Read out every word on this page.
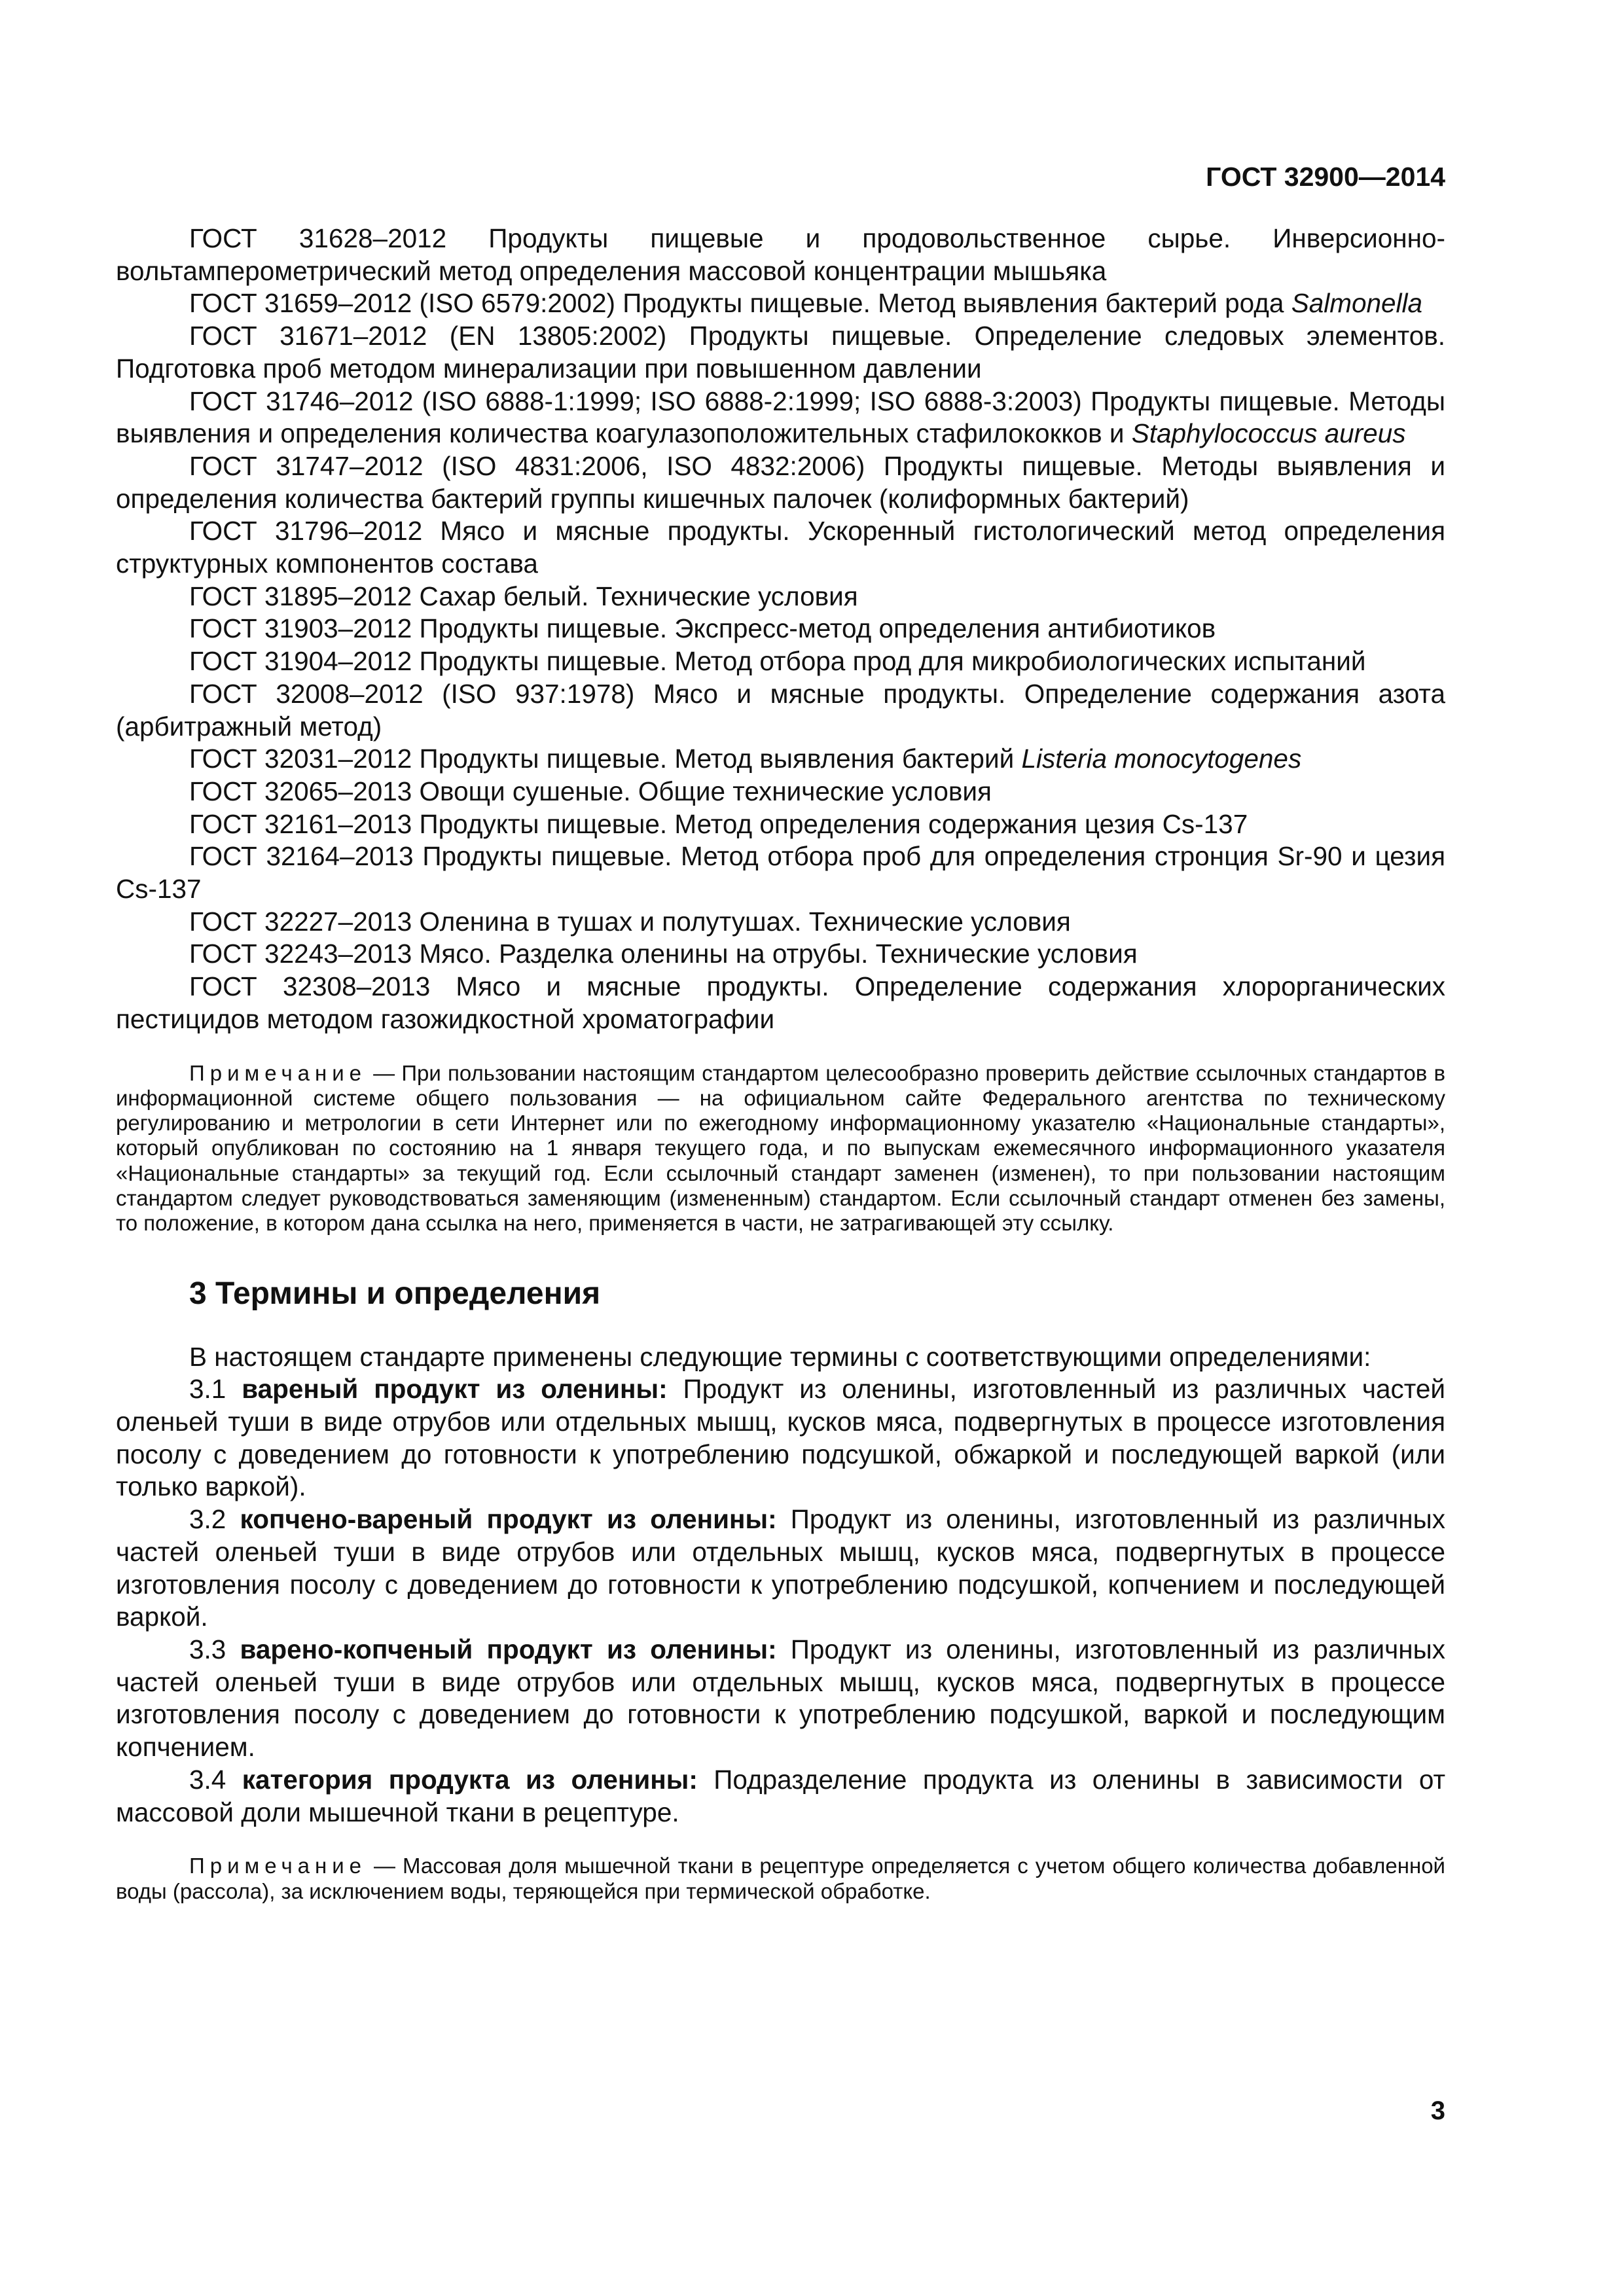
ГОСТ 32900—2014

ГОСТ 31628–2012 Продукты пищевые и продовольственное сырье. Инверсионно-вольтамперометрический метод определения массовой концентрации мышьяка

ГОСТ 31659–2012 (ISO 6579:2002) Продукты пищевые. Метод выявления бактерий рода Salmonella

ГОСТ 31671–2012 (EN 13805:2002) Продукты пищевые. Определение следовых элементов. Подготовка проб методом минерализации при повышенном давлении

ГОСТ 31746–2012 (ISO 6888-1:1999; ISO 6888-2:1999; ISO 6888-3:2003) Продукты пищевые. Методы выявления и определения количества коагулазоположительных стафилококков и Staphylococcus aureus

ГОСТ 31747–2012 (ISO 4831:2006, ISO 4832:2006) Продукты пищевые. Методы выявления и определения количества бактерий группы кишечных палочек (колиформных бактерий)

ГОСТ 31796–2012 Мясо и мясные продукты. Ускоренный гистологический метод определения структурных компонентов состава

ГОСТ 31895–2012 Сахар белый. Технические условия

ГОСТ 31903–2012 Продукты пищевые. Экспресс-метод определения антибиотиков

ГОСТ 31904–2012 Продукты пищевые. Метод отбора прод для микробиологических испытаний

ГОСТ 32008–2012 (ISO 937:1978) Мясо и мясные продукты. Определение содержания азота (арбитражный метод)

ГОСТ 32031–2012 Продукты пищевые. Метод выявления бактерий Listeria monocytogenes

ГОСТ 32065–2013 Овощи сушеные. Общие технические условия

ГОСТ 32161–2013 Продукты пищевые. Метод определения содержания цезия Cs-137

ГОСТ 32164–2013 Продукты пищевые. Метод отбора проб для определения стронция Sr-90 и цезия Cs-137

ГОСТ 32227–2013 Оленина в тушах и полутушах. Технические условия

ГОСТ 32243–2013 Мясо. Разделка оленины на отрубы. Технические условия

ГОСТ 32308–2013 Мясо и мясные продукты. Определение содержания хлорорганических пестицидов методом газожидкостной хроматографии

Примечание — При пользовании настоящим стандартом целесообразно проверить действие ссылочных стандартов в информационной системе общего пользования — на официальном сайте Федерального агентства по техническому регулированию и метрологии в сети Интернет или по ежегодному информационному указателю «Национальные стандарты», который опубликован по состоянию на 1 января текущего года, и по выпускам ежемесячного информационного указателя «Национальные стандарты» за текущий год. Если ссылочный стандарт заменен (изменен), то при пользовании настоящим стандартом следует руководствоваться заменяющим (измененным) стандартом. Если ссылочный стандарт отменен без замены, то положение, в котором дана ссылка на него, применяется в части, не затрагивающей эту ссылку.

3 Термины и определения

В настоящем стандарте применены следующие термины с соответствующими определениями:

3.1 вареный продукт из оленины: Продукт из оленины, изготовленный из различных частей оленьей туши в виде отрубов или отдельных мышц, кусков мяса, подвергнутых в процессе изготовления посолу с доведением до готовности к употреблению подсушкой, обжаркой и последующей варкой (или только варкой).

3.2 копчено-вареный продукт из оленины: Продукт из оленины, изготовленный из различных частей оленьей туши в виде отрубов или отдельных мышц, кусков мяса, подвергнутых в процессе изготовления посолу с доведением до готовности к употреблению подсушкой, копчением и последующей варкой.

3.3 варено-копченый продукт из оленины: Продукт из оленины, изготовленный из различных частей оленьей туши в виде отрубов или отдельных мышц, кусков мяса, подвергнутых в процессе изготовления посолу с доведением до готовности к употреблению подсушкой, варкой и последующим копчением.

3.4 категория продукта из оленины: Подразделение продукта из оленины в зависимости от массовой доли мышечной ткани в рецептуре.

Примечание — Массовая доля мышечной ткани в рецептуре определяется с учетом общего количества добавленной воды (рассола), за исключением воды, теряющейся при термической обработке.

3
